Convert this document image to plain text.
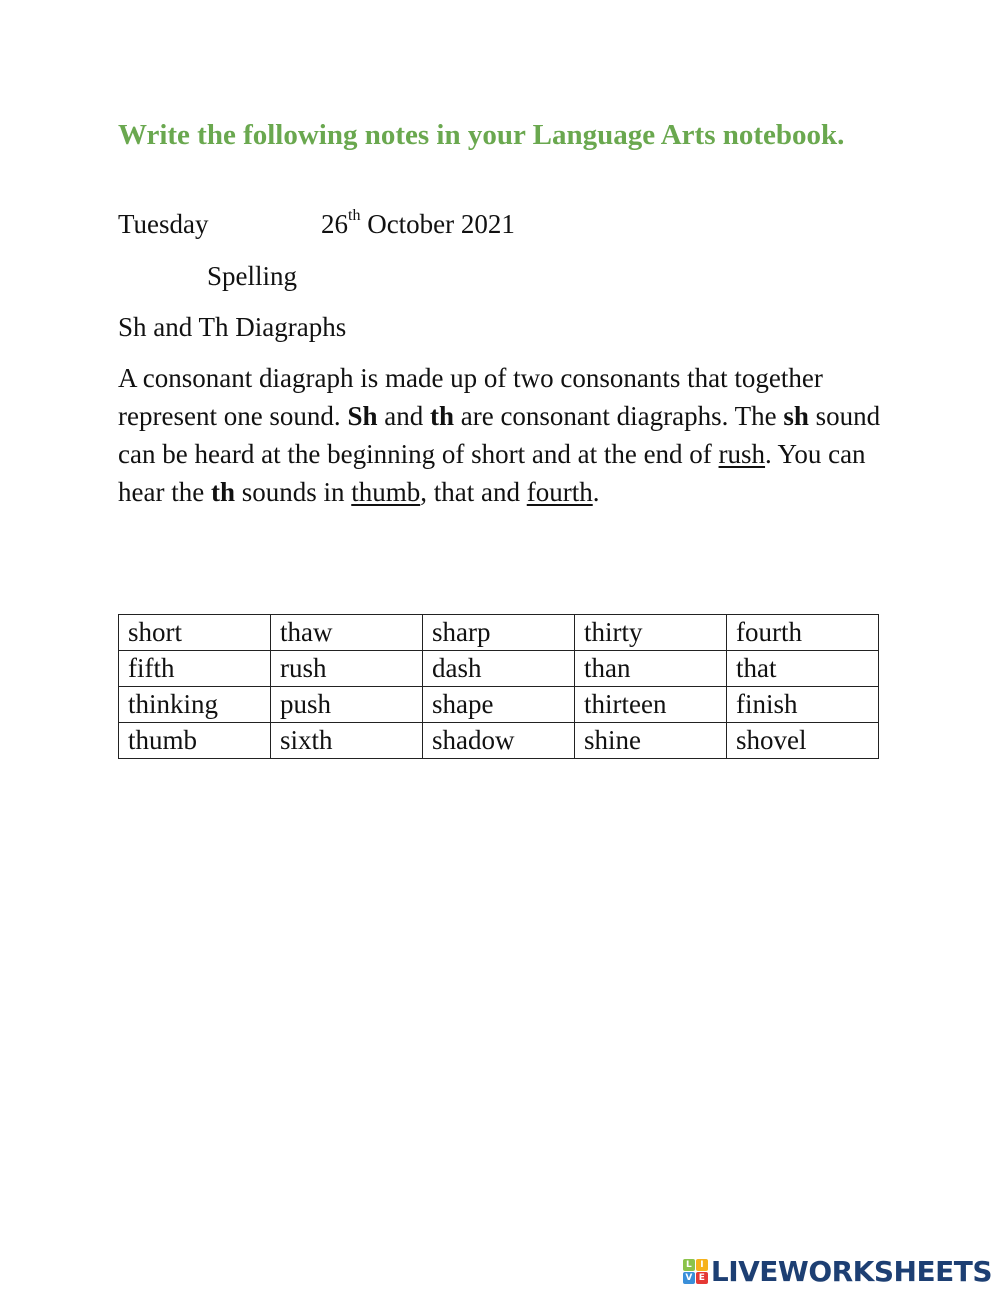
Write the following notes in your Language Arts notebook.
Tuesday	26th October 2021
Spelling
Sh and Th Diagraphs
A consonant diagraph is made up of two consonants that together represent one sound. Sh and th are consonant diagraphs. The sh sound can be heard at the beginning of short and at the end of rush. You can hear the th sounds in thumb, that and fourth.
short	thaw	sharp	thirty	fourth
fifth	rush	dash	than	that
thinking	push	shape	thirteen	finish
thumb	sixth	shadow	shine	shovel
L I
V E LIVEWORKSHEETS
